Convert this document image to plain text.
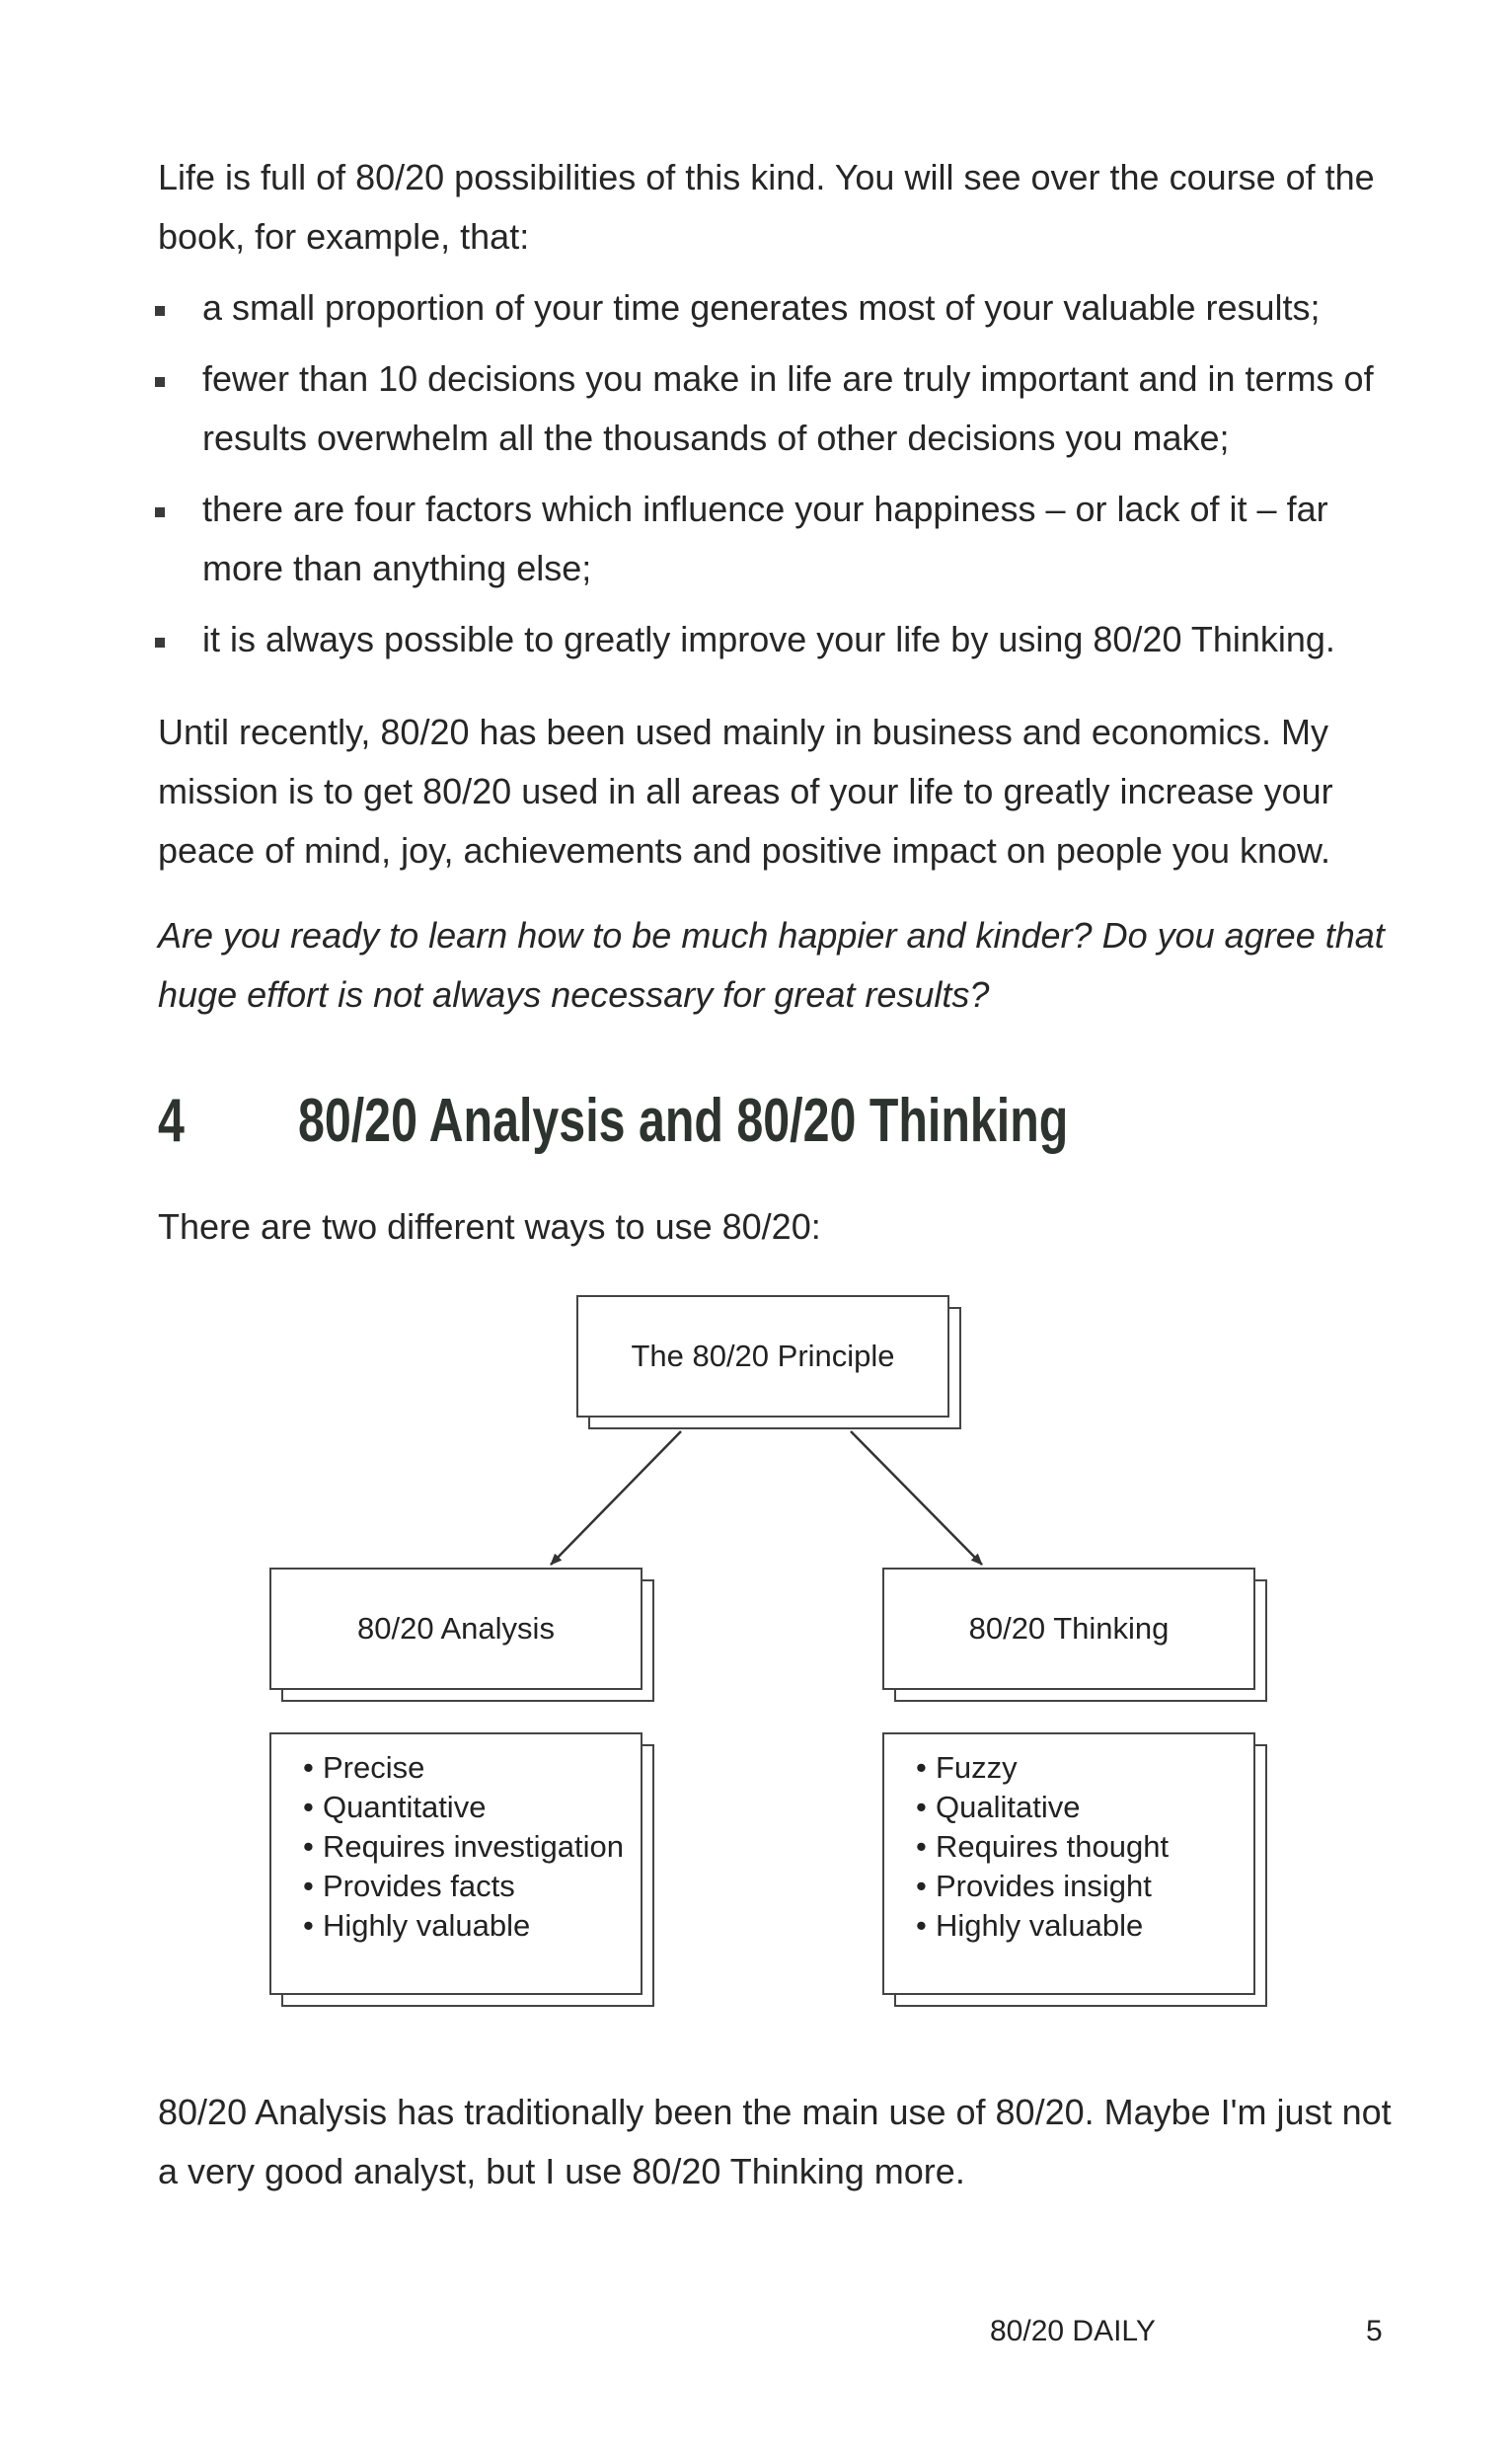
Life is full of 80/20 possibilities of this kind. You will see over the course of the book, for example, that:

a small proportion of your time generates most of your valuable results;
fewer than 10 decisions you make in life are truly important and in terms of results overwhelm all the thousands of other decisions you make;
there are four factors which influence your happiness – or lack of it – far more than anything else;
it is always possible to greatly improve your life by using 80/20 Thinking.

Until recently, 80/20 has been used mainly in business and economics. My mission is to get 80/20 used in all areas of your life to greatly increase your peace of mind, joy, achievements and positive impact on people you know.

Are you ready to learn how to be much happier and kinder? Do you agree that huge effort is not always necessary for great results?

4 80/20 Analysis and 80/20 Thinking

There are two different ways to use 80/20:

The 80/20 Principle
80/20 Analysis	80/20 Thinking
• Precise
• Quantitative
• Requires investigation
• Provides facts
• Highly valuable
• Fuzzy
• Qualitative
• Requires thought
• Provides insight
• Highly valuable

80/20 Analysis has traditionally been the main use of 80/20. Maybe I'm just not a very good analyst, but I use 80/20 Thinking more.

80/20 DAILY	5
